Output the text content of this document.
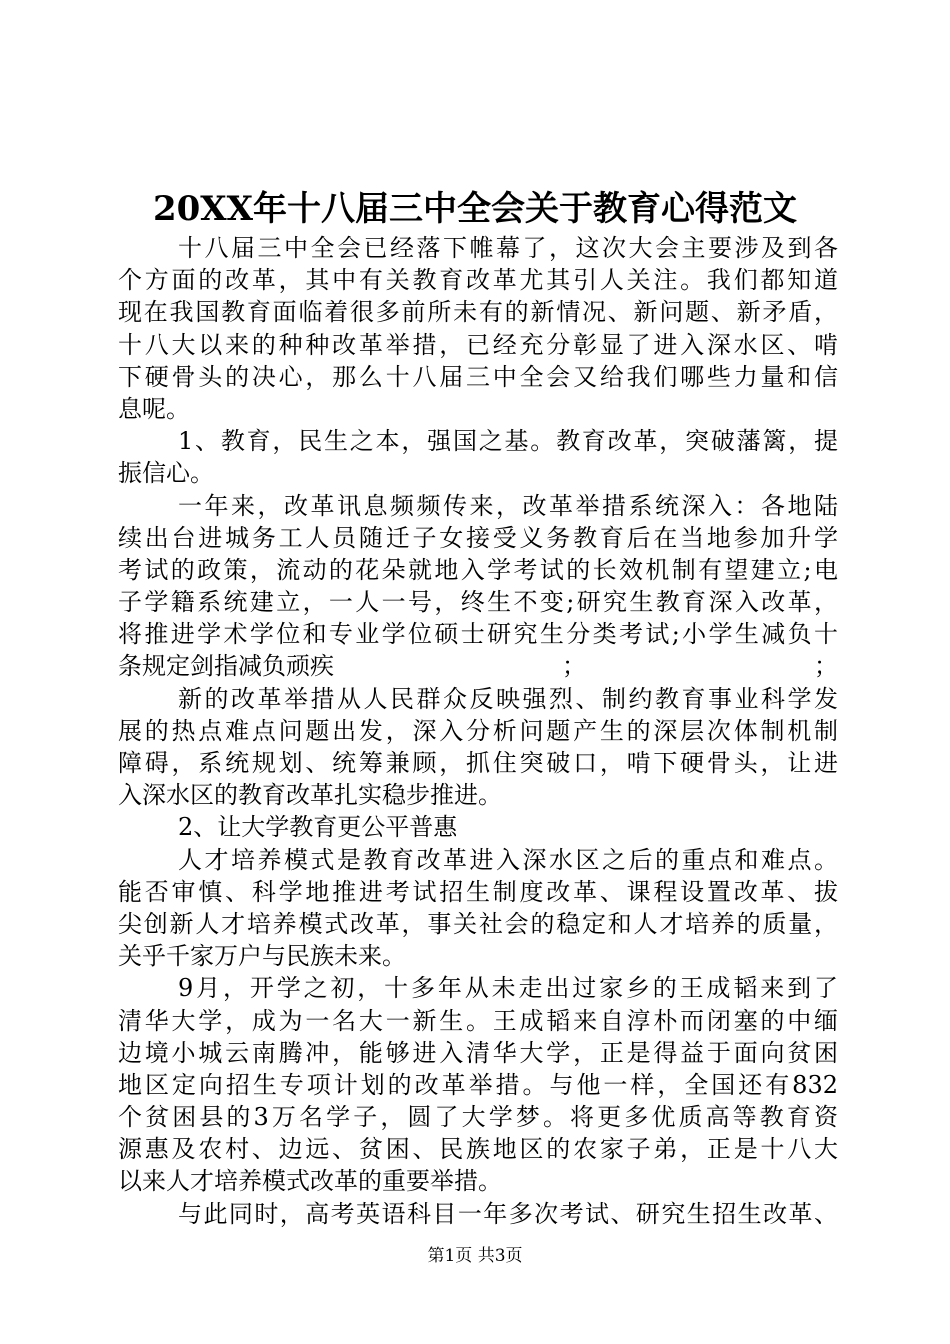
20XX年十八届三中全会关于教育心得范文
十八届三中全会已经落下帷幕了，这次大会主要涉及到各
个方面的改革，其中有关教育改革尤其引人关注。我们都知道
现在我国教育面临着很多前所未有的新情况、新问题、新矛盾，
十八大以来的种种改革举措，已经充分彰显了进入深水区、啃
下硬骨头的决心，那么十八届三中全会又给我们哪些力量和信
息呢。
1、教育，民生之本，强国之基。教育改革，突破藩篱，提
振信心。
一年来，改革讯息频频传来，改革举措系统深入：各地陆
续出台进城务工人员随迁子女接受义务教育后在当地参加升学
考试的政策，流动的花朵就地入学考试的长效机制有望建立;电
子学籍系统建立，一人一号，终生不变;研究生教育深入改革，
将推进学术学位和专业学位硕士研究生分类考试;小学生减负十
条规定剑指减负顽疾	；	；
新的改革举措从人民群众反映强烈、制约教育事业科学发
展的热点难点问题出发，深入分析问题产生的深层次体制机制
障碍，系统规划、统筹兼顾，抓住突破口，啃下硬骨头，让进
入深水区的教育改革扎实稳步推进。
2、让大学教育更公平普惠
人才培养模式是教育改革进入深水区之后的重点和难点。
能否审慎、科学地推进考试招生制度改革、课程设置改革、拔
尖创新人才培养模式改革，事关社会的稳定和人才培养的质量，
关乎千家万户与民族未来。
9月，开学之初，十多年从未走出过家乡的王成韬来到了
清华大学，成为一名大一新生。王成韬来自淳朴而闭塞的中缅
边境小城云南腾冲，能够进入清华大学，正是得益于面向贫困
地区定向招生专项计划的改革举措。与他一样，全国还有832
个贫困县的3万名学子，圆了大学梦。将更多优质高等教育资
源惠及农村、边远、贫困、民族地区的农家子弟，正是十八大
以来人才培养模式改革的重要举措。
与此同时，高考英语科目一年多次考试、研究生招生改革、
第1页 共3页
